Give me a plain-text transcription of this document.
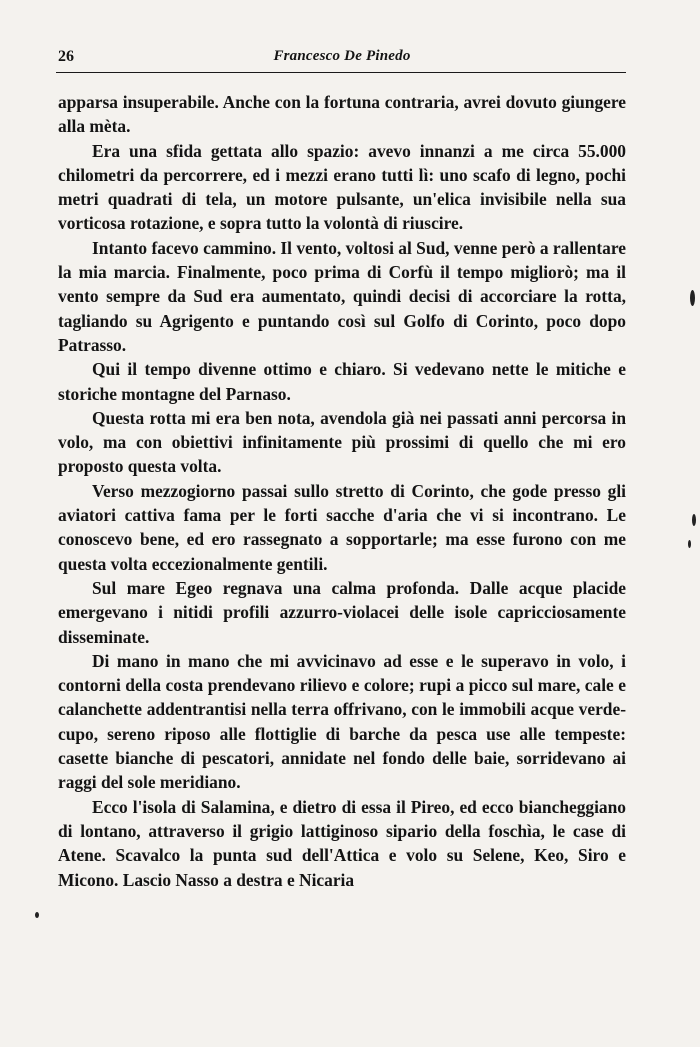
26	Francesco De Pinedo

apparsa insuperabile. Anche con la fortuna contraria, avrei dovuto giungere alla mèta.

Era una sfida gettata allo spazio: avevo innanzi a me circa 55.000 chilometri da percorrere, ed i mezzi erano tutti lì: uno scafo di legno, pochi metri quadrati di tela, un motore pulsante, un'elica invisibile nella sua vorticosa rotazione, e sopra tutto la volontà di riuscire.

Intanto facevo cammino. Il vento, voltosi al Sud, venne però a rallentare la mia marcia. Finalmente, poco prima di Corfù il tempo migliorò; ma il vento sempre da Sud era aumentato, quindi decisi di accorciare la rotta, tagliando su Agrigento e puntando così sul Golfo di Corinto, poco dopo Patrasso.

Qui il tempo divenne ottimo e chiaro. Si vedevano nette le mitiche e storiche montagne del Parnaso.

Questa rotta mi era ben nota, avendola già nei passati anni percorsa in volo, ma con obiettivi infinitamente più prossimi di quello che mi ero proposto questa volta.

Verso mezzogiorno passai sullo stretto di Corinto, che gode presso gli aviatori cattiva fama per le forti sacche d'aria che vi si incontrano. Le conoscevo bene, ed ero rassegnato a sopportarle; ma esse furono con me questa volta eccezionalmente gentili.

Sul mare Egeo regnava una calma profonda. Dalle acque placide emergevano i nitidi profili azzurro-violacei delle isole capricciosamente disseminate.

Di mano in mano che mi avvicinavo ad esse e le superavo in volo, i contorni della costa prendevano rilievo e colore; rupi a picco sul mare, cale e calanchette addentrantisi nella terra offrivano, con le immobili acque verde-cupo, sereno riposo alle flottiglie di barche da pesca use alle tempeste: casette bianche di pescatori, annidate nel fondo delle baie, sorridevano ai raggi del sole meridiano.

Ecco l'isola di Salamina, e dietro di essa il Pireo, ed ecco biancheggiano di lontano, attraverso il grigio lattiginoso sipario della foschìa, le case di Atene. Scavalco la punta sud dell'Attica e volo su Selene, Keo, Siro e Micono. Lascio Nasso a destra e Nicaria
